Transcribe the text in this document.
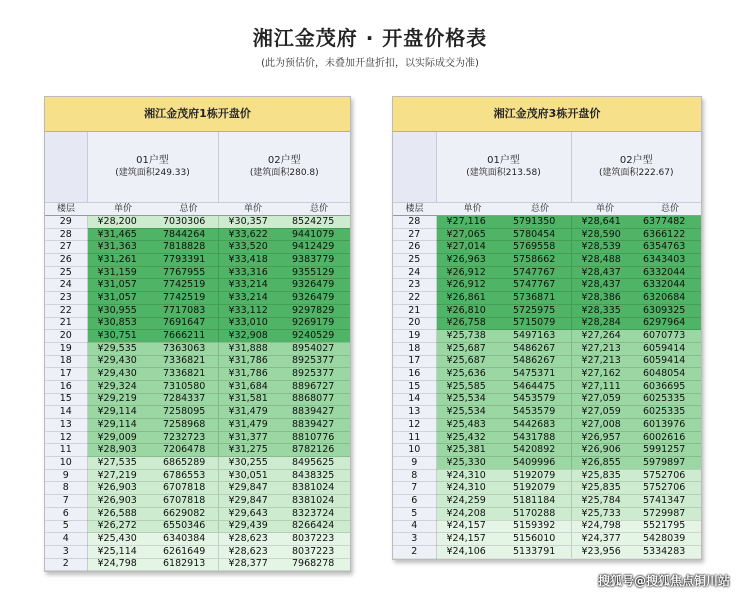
湘江金茂府 · 开盘价格表
(此为预估价，未叠加开盘折扣，以实际成交为准)
湘江金茂府1栋开盘价				

	01户型
(建筑面积249.33)		02户型
(建筑面积280.8)	
楼层	单价	总价	单价	总价
29	¥28,200	7030306	¥30,357	8524275
28	¥31,465	7844264	¥33,622	9441079
27	¥31,363	7818828	¥33,520	9412429
26	¥31,261	7793391	¥33,418	9383779
25	¥31,159	7767955	¥33,316	9355129
24	¥31,057	7742519	¥33,214	9326479
23	¥31,057	7742519	¥33,214	9326479
22	¥30,955	7717083	¥33,112	9297829
21	¥30,853	7691647	¥33,010	9269179
20	¥30,751	7666211	¥32,908	9240529
19	¥29,535	7363063	¥31,888	8954027
18	¥29,430	7336821	¥31,786	8925377
17	¥29,430	7336821	¥31,786	8925377
16	¥29,324	7310580	¥31,684	8896727
15	¥29,219	7284337	¥31,581	8868077
14	¥29,114	7258095	¥31,479	8839427
13	¥29,114	7258968	¥31,479	8839427
12	¥29,009	7232723	¥31,377	8810776
11	¥28,903	7206478	¥31,275	8782126
10	¥27,535	6865289	¥30,255	8495625
9	¥27,219	6786553	¥30,051	8438325
8	¥26,903	6707818	¥29,847	8381024
7	¥26,903	6707818	¥29,847	8381024
6	¥26,588	6629082	¥29,643	8323724
5	¥26,272	6550346	¥29,439	8266424
4	¥25,430	6340384	¥28,623	8037223
3	¥25,114	6261649	¥28,623	8037223
2	¥24,798	6182913	¥28,377	7968278
湘江金茂府3栋开盘价				

	01户型
(建筑面积213.58)		02户型
(建筑面积222.67)	
楼层	单价	总价	单价	总价
28	¥27,116	5791350	¥28,641	6377482
27	¥27,065	5780454	¥28,590	6366122
26	¥27,014	5769558	¥28,539	6354763
25	¥26,963	5758662	¥28,488	6343403
24	¥26,912	5747767	¥28,437	6332044
23	¥26,912	5747767	¥28,437	6332044
22	¥26,861	5736871	¥28,386	6320684
21	¥26,810	5725975	¥28,335	6309325
20	¥26,758	5715079	¥28,284	6297964
19	¥25,738	5497163	¥27,264	6070773
18	¥25,687	5486267	¥27,213	6059414
17	¥25,687	5486267	¥27,213	6059414
16	¥25,636	5475371	¥27,162	6048054
15	¥25,585	5464475	¥27,111	6036695
14	¥25,534	5453579	¥27,059	6025335
13	¥25,534	5453579	¥27,059	6025335
12	¥25,483	5442683	¥27,008	6013976
11	¥25,432	5431788	¥26,957	6002616
10	¥25,381	5420892	¥26,906	5991257
9	¥25,330	5409996	¥26,855	5979897
8	¥24,310	5192079	¥25,835	5752706
7	¥24,310	5192079	¥25,835	5752706
6	¥24,259	5181184	¥25,784	5741347
5	¥24,208	5170288	¥25,733	5729987
4	¥24,157	5159392	¥24,798	5521795
3	¥24,157	5156010	¥24,377	5428039
2	¥24,106	5133791	¥23,956	5334283
搜狐号@搜狐焦点铜川站
